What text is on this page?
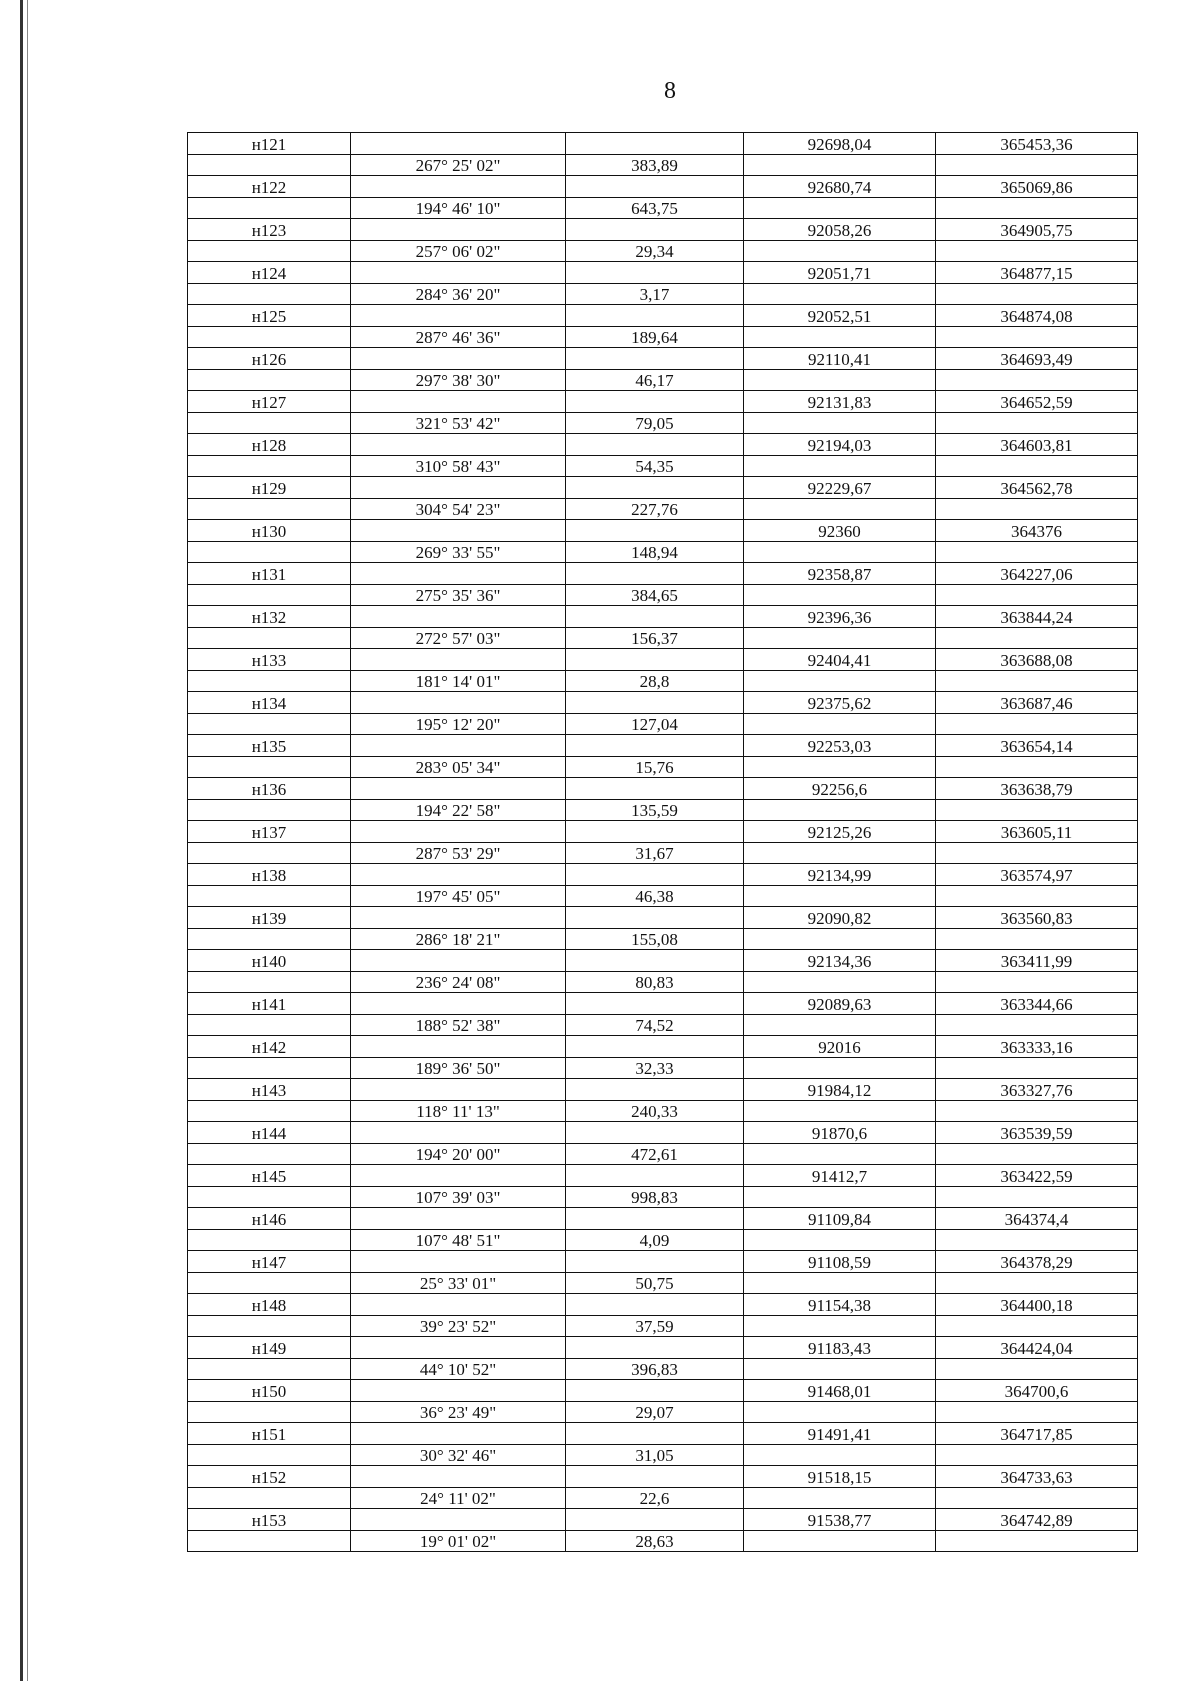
8
н121			92698,04	365453,36
	267° 25' 02"	383,89		
н122			92680,74	365069,86
	194° 46' 10"	643,75		
н123			92058,26	364905,75
	257° 06' 02"	29,34		
н124			92051,71	364877,15
	284° 36' 20"	3,17		
н125			92052,51	364874,08
	287° 46' 36"	189,64		
н126			92110,41	364693,49
	297° 38' 30"	46,17		
н127			92131,83	364652,59
	321° 53' 42"	79,05		
н128			92194,03	364603,81
	310° 58' 43"	54,35		
н129			92229,67	364562,78
	304° 54' 23"	227,76		
н130			92360	364376
	269° 33' 55"	148,94		
н131			92358,87	364227,06
	275° 35' 36"	384,65		
н132			92396,36	363844,24
	272° 57' 03"	156,37		
н133			92404,41	363688,08
	181° 14' 01"	28,8		
н134			92375,62	363687,46
	195° 12' 20"	127,04		
н135			92253,03	363654,14
	283° 05' 34"	15,76		
н136			92256,6	363638,79
	194° 22' 58"	135,59		
н137			92125,26	363605,11
	287° 53' 29"	31,67		
н138			92134,99	363574,97
	197° 45' 05"	46,38		
н139			92090,82	363560,83
	286° 18' 21"	155,08		
н140			92134,36	363411,99
	236° 24' 08"	80,83		
н141			92089,63	363344,66
	188° 52' 38"	74,52		
н142			92016	363333,16
	189° 36' 50"	32,33		
н143			91984,12	363327,76
	118° 11' 13"	240,33		
н144			91870,6	363539,59
	194° 20' 00"	472,61		
н145			91412,7	363422,59
	107° 39' 03"	998,83		
н146			91109,84	364374,4
	107° 48' 51"	4,09		
н147			91108,59	364378,29
	25° 33' 01"	50,75		
н148			91154,38	364400,18
	39° 23' 52"	37,59		
н149			91183,43	364424,04
	44° 10' 52"	396,83		
н150			91468,01	364700,6
	36° 23' 49"	29,07		
н151			91491,41	364717,85
	30° 32' 46"	31,05		
н152			91518,15	364733,63
	24° 11' 02"	22,6		
н153			91538,77	364742,89
	19° 01' 02"	28,63		
